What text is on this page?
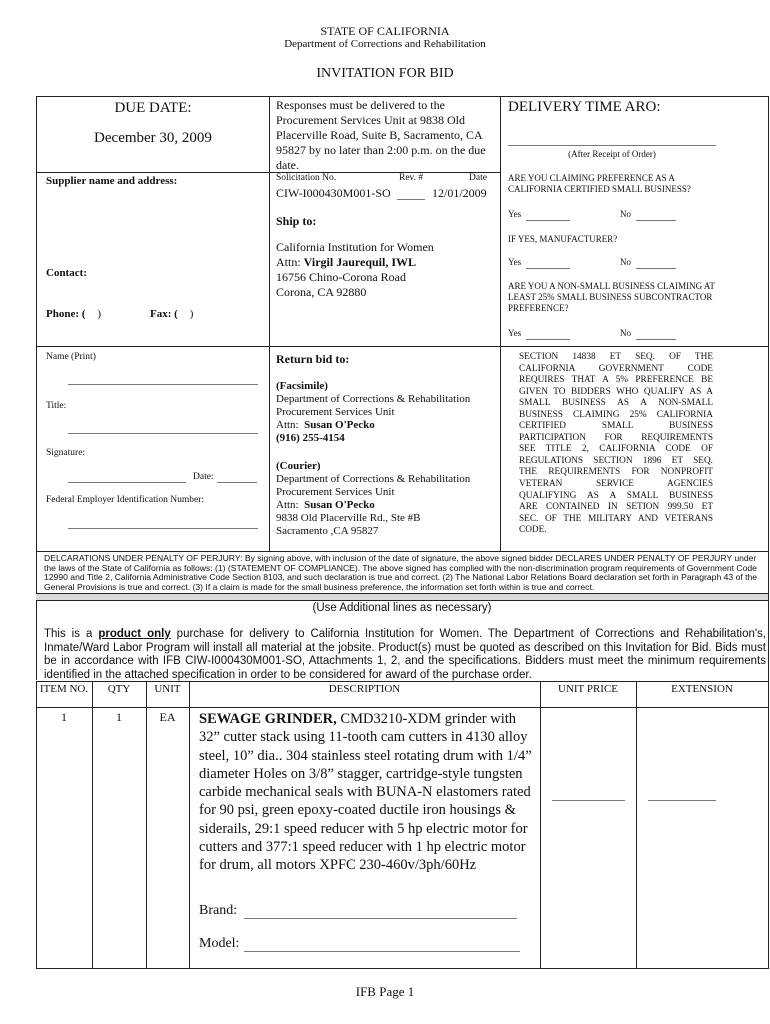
STATE OF CALIFORNIA
Department of Corrections and Rehabilitation
INVITATION FOR BID
DUE DATE:
December 30, 2009
Responses must be delivered to the Procurement Services Unit at 9838 Old Placerville Road, Suite B, Sacramento, CA 95827 by no later than 2:00 p.m. on the due date.
DELIVERY TIME ARO:
(After Receipt of Order)
Supplier name and address:
Contact:
Phone: ( )	Fax: ( )
Solicitation No.	Rev. #	Date
CIW-I000430M001-SO	12/01/2009
Ship to:
California Institution for Women
Attn: Virgil Jaurequil, IWL
16756 Chino-Corona Road
Corona, CA 92880
ARE YOU CLAIMING PREFERENCE AS A CALIFORNIA CERTIFIED SMALL BUSINESS?
Yes	No
IF YES, MANUFACTURER?
Yes	No
ARE YOU A NON-SMALL BUSINESS CLAIMING AT LEAST 25% SMALL BUSINESS SUBCONTRACTOR PREFERENCE?
Yes	No
Name (Print)
Title:
Signature:
Date:
Federal Employer Identification Number:
Return bid to:
(Facsimile)
Department of Corrections & Rehabilitation
Procurement Services Unit
Attn: Susan O'Pecko
(916) 255-4154
(Courier)
Department of Corrections & Rehabilitation
Procurement Services Unit
Attn: Susan O'Pecko
9838 Old Placerville Rd., Ste #B
Sacramento ,CA 95827
SECTION 14838 ET SEQ. OF THE
CALIFORNIA GOVERNMENT CODE
REQUIRES THAT A 5% PREFERENCE BE
GIVEN TO BIDDERS WHO QUALIFY AS A
SMALL BUSINESS AS A NON-SMALL
BUSINESS CLAIMING 25% CALIFORNIA
CERTIFIED SMALL BUSINESS
PARTICIPATION FOR REQUIREMENTS
SEE TITLE 2, CALIFORNIA CODE OF
REGULATIONS SECTION 1896 ET SEQ.
THE REQUIREMENTS FOR NONPROFIT
VETERAN SERVICE AGENCIES
QUALIFYING AS A SMALL BUSINESS
ARE CONTAINED IN SETION 999.50 ET
SEC. OF THE MILITARY AND VETERANS
CODE.
DELCARATIONS UNDER PENALTY OF PERJURY: By signing above, with inclusion of the date of signature, the above signed bidder DECLARES UNDER PENALTY OF PERJURY under the laws of the State of California as follows: (1) (STATEMENT OF COMPLIANCE). The above signed has complied with the non-discrimination program requirements of Government Code 12990 and Title 2, California Administrative Code Section 8103, and such declaration is true and correct. (2) The National Labor Relations Board declaration set forth in Paragraph 43 of the General Provisions is true and correct. (3) If a claim is made for the small business preference, the information set forth within is true and correct.
(Use Additional lines as necessary)
This is a product only purchase for delivery to California Institution for Women. The Department of Corrections and Rehabilitation's, Inmate/Ward Labor Program will install all material at the jobsite. Product(s) must be quoted as described on this Invitation for Bid. Bids must be in accordance with IFB CIW-I000430M001-SO, Attachments 1, 2, and the specifications. Bidders must meet the minimum requirements identified in the attached specification in order to be considered for award of the purchase order.
ITEM NO.	QTY	UNIT	DESCRIPTION	UNIT PRICE	EXTENSION
1	1	EA	SEWAGE GRINDER, CMD3210-XDM grinder with 32” cutter stack using 11-tooth cam cutters in 4130 alloy steel, 10” dia.. 304 stainless steel rotating drum with 1/4” diameter Holes on 3/8” stagger, cartridge-style tungsten carbide mechanical seals with BUNA-N elastomers rated for 90 psi, green epoxy-coated ductile iron housings & siderails, 29:1 speed reducer with 5 hp electric motor for cutters and 377:1 speed reducer with 1 hp electric motor for drum, all motors XPFC 230-460v/3ph/60Hz
Brand:
Model:
IFB Page 1
